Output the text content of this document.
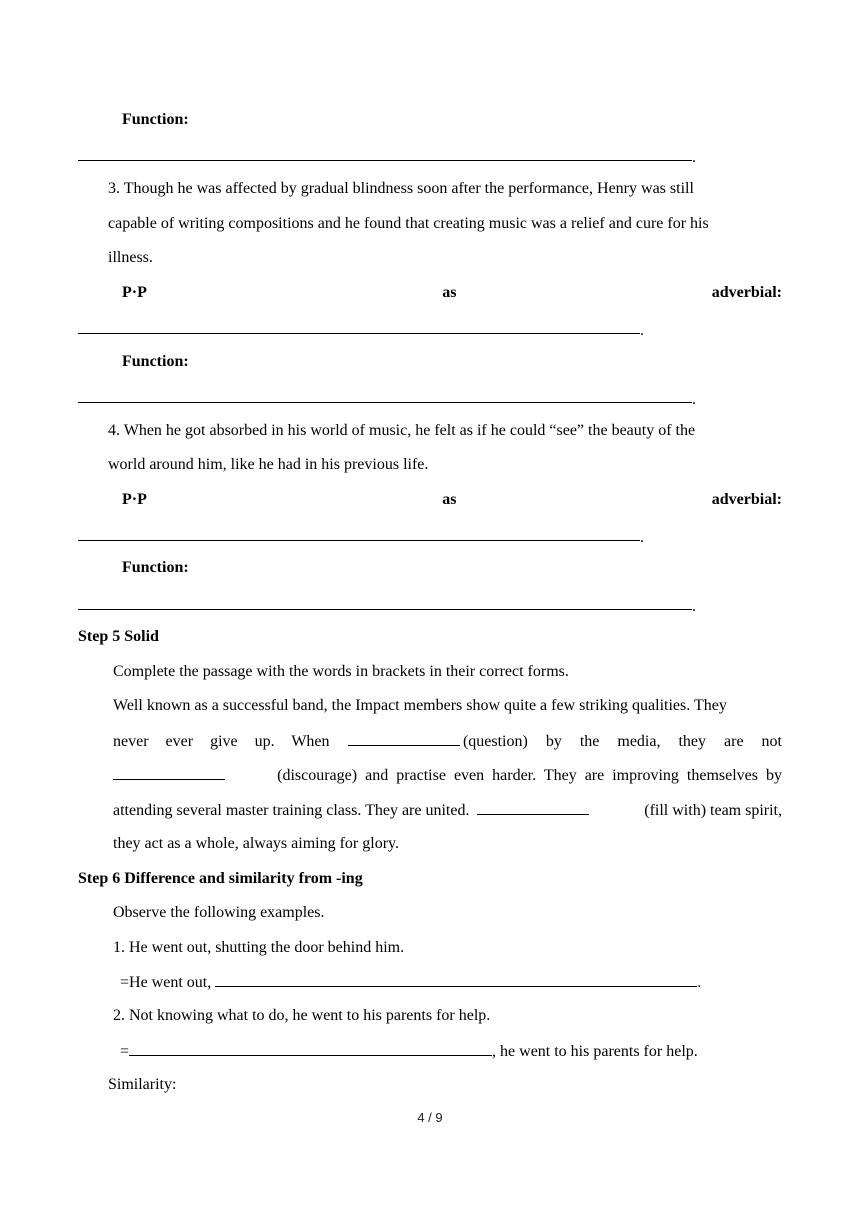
Function:
.
3. Though he was affected by gradual blindness soon after the performance, Henry was still
capable of writing compositions and he found that creating music was a relief and cure for his
illness.
P·P	as	adverbial:
.
Function:
.
4. When he got absorbed in his world of music, he felt as if he could “see” the beauty of the
world around him, like he had in his previous life.
P·P	as	adverbial:
.
Function:
.
Step 5 Solid
Complete the passage with the words in brackets in their correct forms.
Well known as a successful band, the Impact members show quite a few striking qualities. They
never ever give up. When	(question) by the media, they are not
(discourage) and practise even harder. They are improving themselves by
attending several master training class. They are united.	(fill with) team spirit,
they act as a whole, always aiming for glory.
Step 6 Difference and similarity from -ing
Observe the following examples.
1. He went out, shutting the door behind him.
=He went out,	.
2. Not knowing what to do, he went to his parents for help.
=	, he went to his parents for help.
Similarity:
4 / 9
